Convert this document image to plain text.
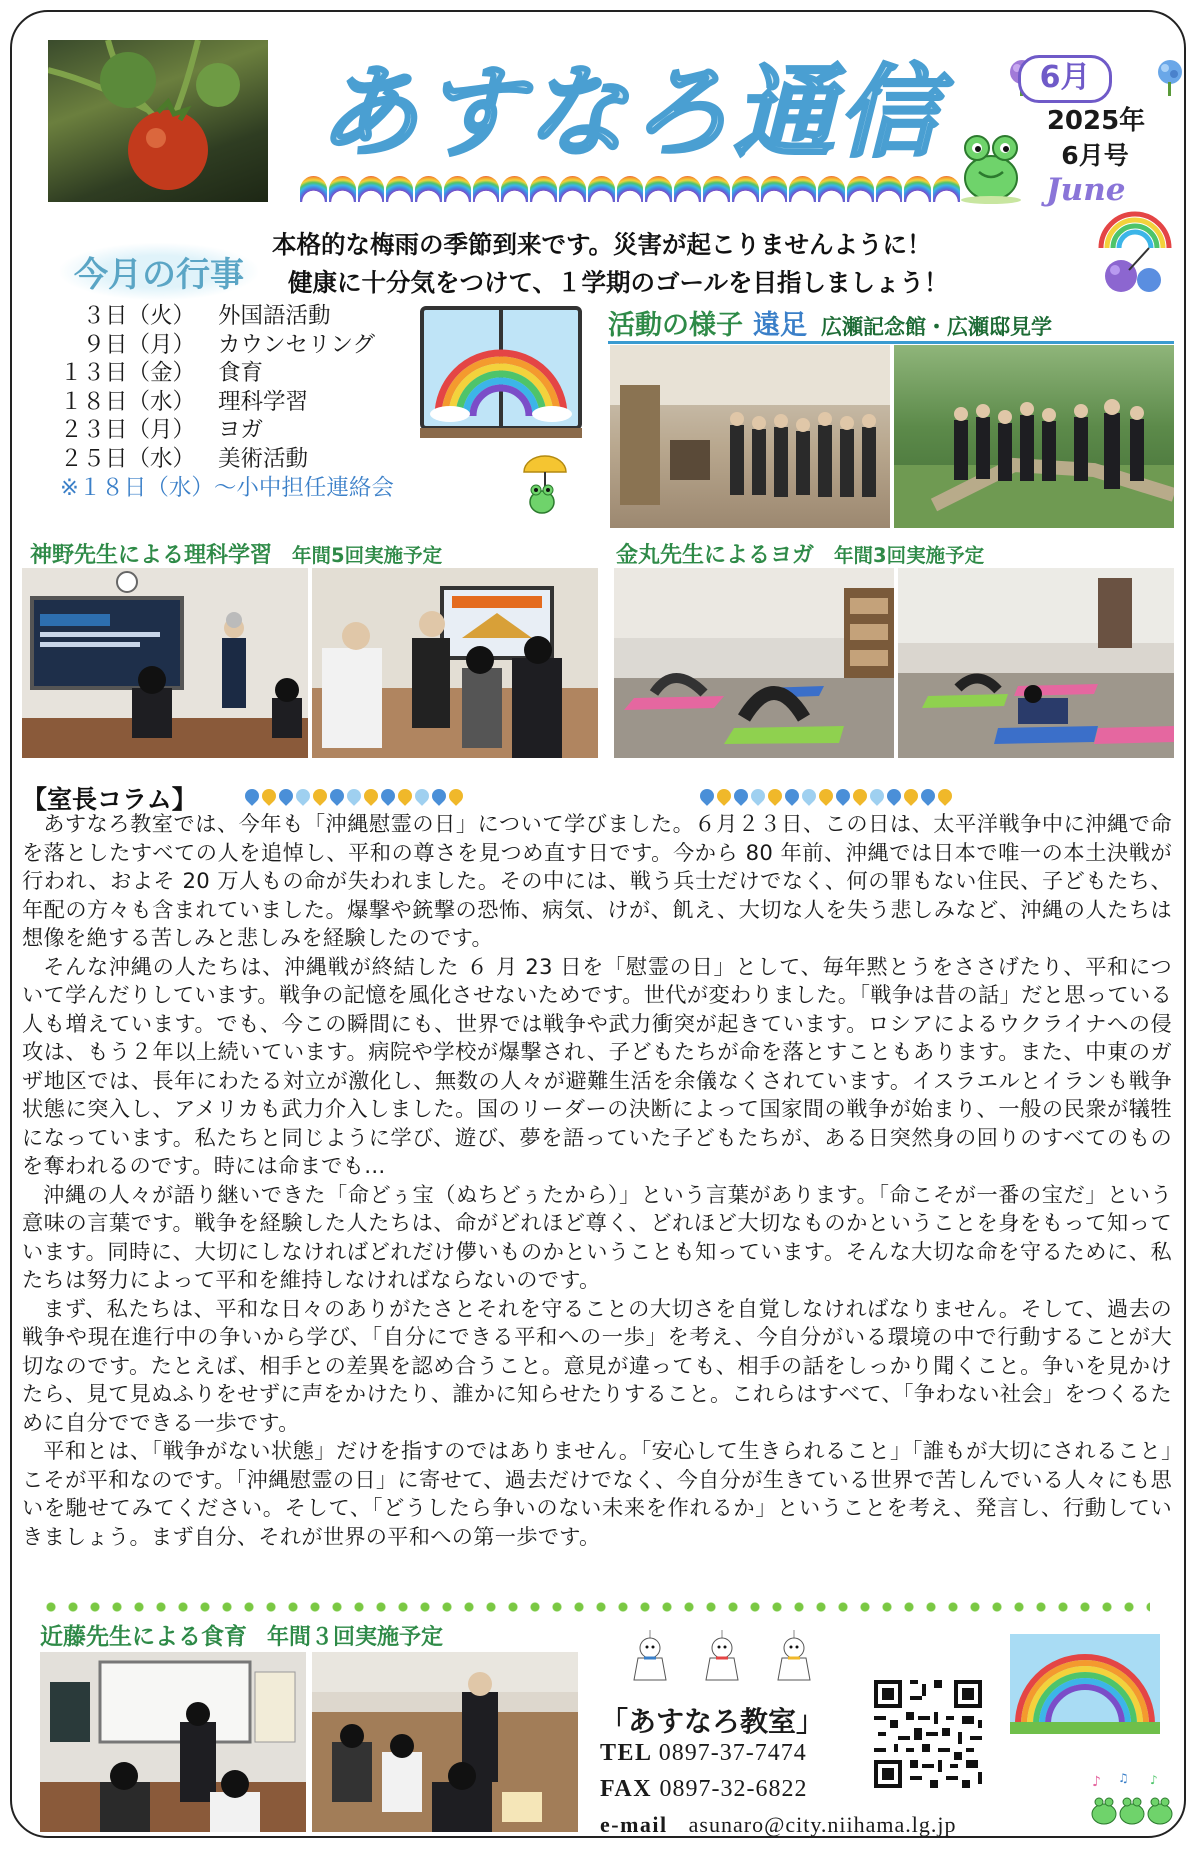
あすなろ通信	6月
2025年
6月号
June
本格的な梅雨の季節到来です。災害が起こりませんように！
健康に十分気をつけて、１学期のゴールを目指しましょう！
今月の行事
　３日（火）	外国語活動
　９日（月）	カウンセリング
１３日（金）	食育
１８日（水）	理科学習
２３日（月）	ヨガ
２５日（水）	美術活動
※１８日（水）～小中担任連絡会
活動の様子 遠足 広瀬記念館・広瀬邸見学
神野先生による理科学習 年間5回実施予定	金丸先生によるヨガ 年間3回実施予定
【室長コラム】

あすなろ教室では、今年も「沖縄慰霊の日」について学びました。６月２３日、この日は、太平洋戦争中に沖縄で命を落としたすべての人を追悼し、平和の尊さを見つめ直す日です。今から 80 年前、沖縄では日本で唯一の本土決戦が行われ、およそ 20 万人もの命が失われました。その中には、戦う兵士だけでなく、何の罪もない住民、子どもたち、年配の方々も含まれていました。爆撃や銃撃の恐怖、病気、けが、飢え、大切な人を失う悲しみなど、沖縄の人たちは想像を絶する苦しみと悲しみを経験したのです。

そんな沖縄の人たちは、沖縄戦が終結した ６ 月 23 日を「慰霊の日」として、毎年黙とうをささげたり、平和について学んだりしています。戦争の記憶を風化させないためです。世代が変わりました。「戦争は昔の話」だと思っている人も増えています。でも、今この瞬間にも、世界では戦争や武力衝突が起きています。ロシアによるウクライナへの侵攻は、もう２年以上続いています。病院や学校が爆撃され、子どもたちが命を落とすこともあります。また、中東のガザ地区では、長年にわたる対立が激化し、無数の人々が避難生活を余儀なくされています。イスラエルとイランも戦争状態に突入し、アメリカも武力介入しました。国のリーダーの決断によって国家間の戦争が始まり、一般の民衆が犠牲になっています。私たちと同じように学び、遊び、夢を語っていた子どもたちが、ある日突然身の回りのすべてのものを奪われるのです。時には命までも…

沖縄の人々が語り継いできた「命どぅ宝（ぬちどぅたから）」という言葉があります。「命こそが一番の宝だ」という意味の言葉です。戦争を経験した人たちは、命がどれほど尊く、どれほど大切なものかということを身をもって知っています。同時に、大切にしなければどれだけ儚いものかということも知っています。そんな大切な命を守るために、私たちは努力によって平和を維持しなければならないのです。

まず、私たちは、平和な日々のありがたさとそれを守ることの大切さを自覚しなければなりません。そして、過去の戦争や現在進行中の争いから学び、「自分にできる平和への一歩」を考え、今自分がいる環境の中で行動することが大切なのです。たとえば、相手との差異を認め合うこと。意見が違っても、相手の話をしっかり聞くこと。争いを見かけたら、見て見ぬふりをせずに声をかけたり、誰かに知らせたりすること。これらはすべて、「争わない社会」をつくるために自分でできる一歩です。

平和とは、「戦争がない状態」だけを指すのではありません。「安心して生きられること」「誰もが大切にされること」こそが平和なのです。「沖縄慰霊の日」に寄せて、過去だけでなく、今自分が生きている世界で苦しんでいる人々にも思いを馳せてみてください。そして、「どうしたら争いのない未来を作れるか」ということを考え、発言し、行動していきましょう。まず自分、それが世界の平和への第一歩です。

近藤先生による食育 年間３回実施予定
「あすなろ教室」
TEL 0897-37-7474
FAX 0897-32-6822
e-mail asunaro@city.niihama.lg.jp
♪ ♫ ♪
